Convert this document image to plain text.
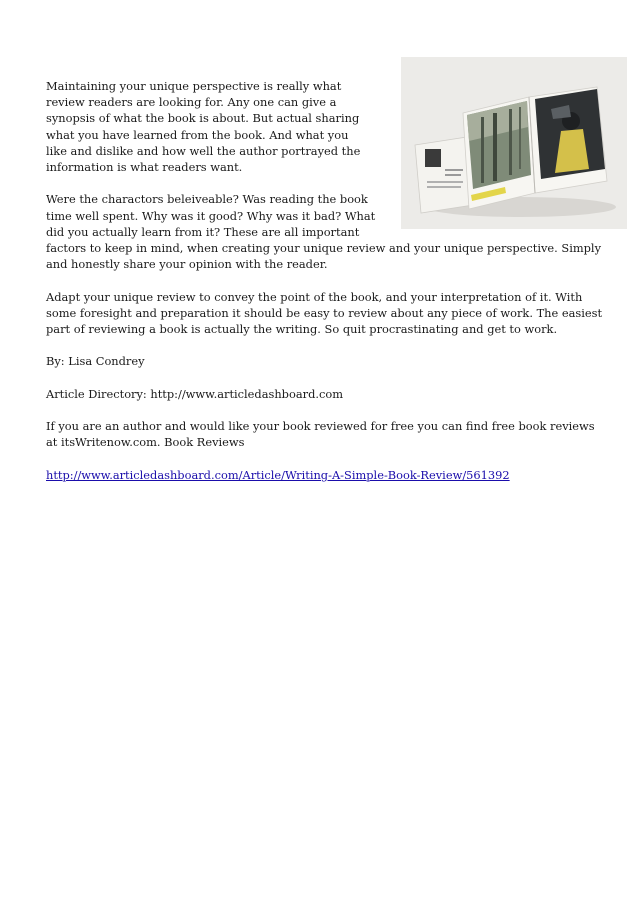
Maintaining your unique perspective is really what
review readers are looking for. Any one can give a
synopsis of what the book is about. But actual sharing
what you have learned from the book. And what you
like and dislike and how well the author portrayed the
information is what readers want.

Were the charactors beleiveable? Was reading the book time well spent. Why was it good? Why was it bad? What did you actually learn from it? These are all important factors to keep in mind, when creating your unique review and your unique perspective. Simply and honestly share your opinion with the reader.

Adapt your unique review to convey the point of the book, and your interpretation of it. With some foresight and preparation it should be easy to review about any piece of work. The easiest part of reviewing a book is actually the writing. So quit procrastinating and get to work.

By: Lisa Condrey

Article Directory: http://www.articledashboard.com

If you are an author and would like your book reviewed for free you can find free book reviews at itsWritenow.com. Book Reviews

http://www.articledashboard.com/Article/Writing-A-Simple-Book-Review/561392
